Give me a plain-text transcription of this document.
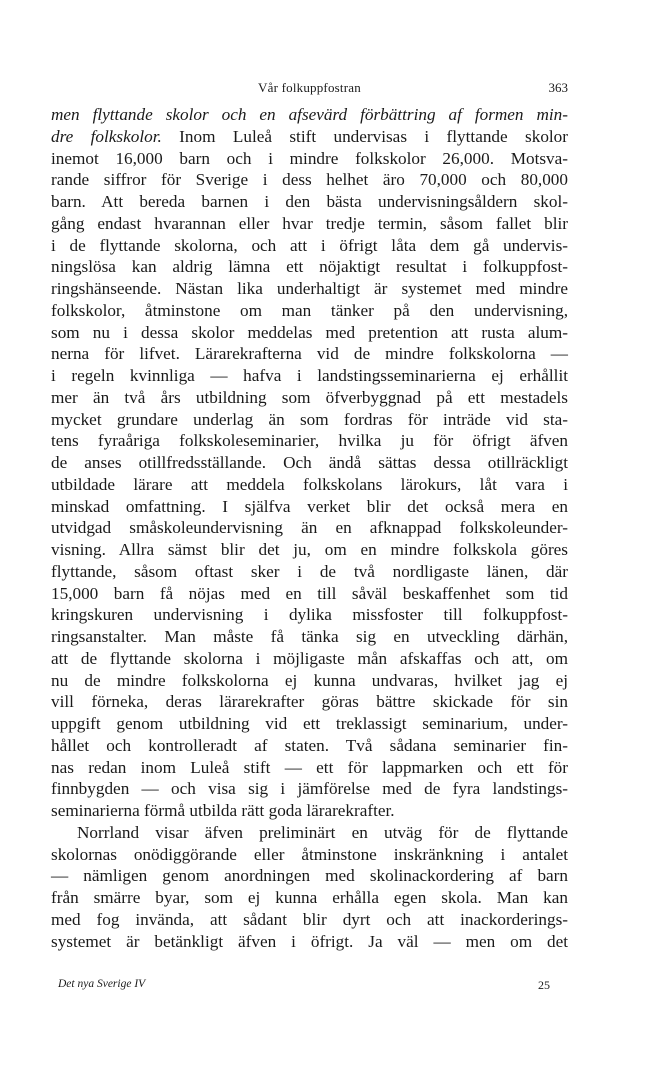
Vår folkuppfostran	363
men flyttande skolor och en afsevärd förbättring af formen min-
dre folkskolor. Inom Luleå stift undervisas i flyttande skolor
inemot 16,000 barn och i mindre folkskolor 26,000. Motsva-
rande siffror för Sverige i dess helhet äro 70,000 och 80,000
barn. Att bereda barnen i den bästa undervisningsåldern skol-
gång endast hvarannan eller hvar tredje termin, såsom fallet blir
i de flyttande skolorna, och att i öfrigt låta dem gå undervis-
ningslösa kan aldrig lämna ett nöjaktigt resultat i folkuppfost-
ringshänseende. Nästan lika underhaltigt är systemet med mindre
folkskolor, åtminstone om man tänker på den undervisning,
som nu i dessa skolor meddelas med pretention att rusta alum-
nerna för lifvet. Lärarekrafterna vid de mindre folkskolorna —
i regeln kvinnliga — hafva i landstingsseminarierna ej erhållit
mer än två års utbildning som öfverbyggnad på ett mestadels
mycket grundare underlag än som fordras för inträde vid sta-
tens fyraåriga folkskoleseminarier, hvilka ju för öfrigt äfven
de anses otillfredsställande. Och ändå sättas dessa otillräckligt
utbildade lärare att meddela folkskolans lärokurs, låt vara i
minskad omfattning. I själfva verket blir det också mera en
utvidgad småskoleundervisning än en afknappad folkskoleunder-
visning. Allra sämst blir det ju, om en mindre folkskola göres
flyttande, såsom oftast sker i de två nordligaste länen, där
15,000 barn få nöjas med en till såväl beskaffenhet som tid
kringskuren undervisning i dylika missfoster till folkuppfost-
ringsanstalter. Man måste få tänka sig en utveckling därhän,
att de flyttande skolorna i möjligaste mån afskaffas och att, om
nu de mindre folkskolorna ej kunna undvaras, hvilket jag ej
vill förneka, deras lärarekrafter göras bättre skickade för sin
uppgift genom utbildning vid ett treklassigt seminarium, under-
hållet och kontrolleradt af staten. Två sådana seminarier fin-
nas redan inom Luleå stift — ett för lappmarken och ett för
finnbygden — och visa sig i jämförelse med de fyra landstings-
seminarierna förmå utbilda rätt goda lärarekrafter.
Norrland visar äfven preliminärt en utväg för de flyttande
skolornas onödiggörande eller åtminstone inskränkning i antalet
— nämligen genom anordningen med skolinackordering af barn
från smärre byar, som ej kunna erhålla egen skola. Man kan
med fog invända, att sådant blir dyrt och att inackorderings-
systemet är betänkligt äfven i öfrigt. Ja väl — men om det
Det nya Sverige IV	25
